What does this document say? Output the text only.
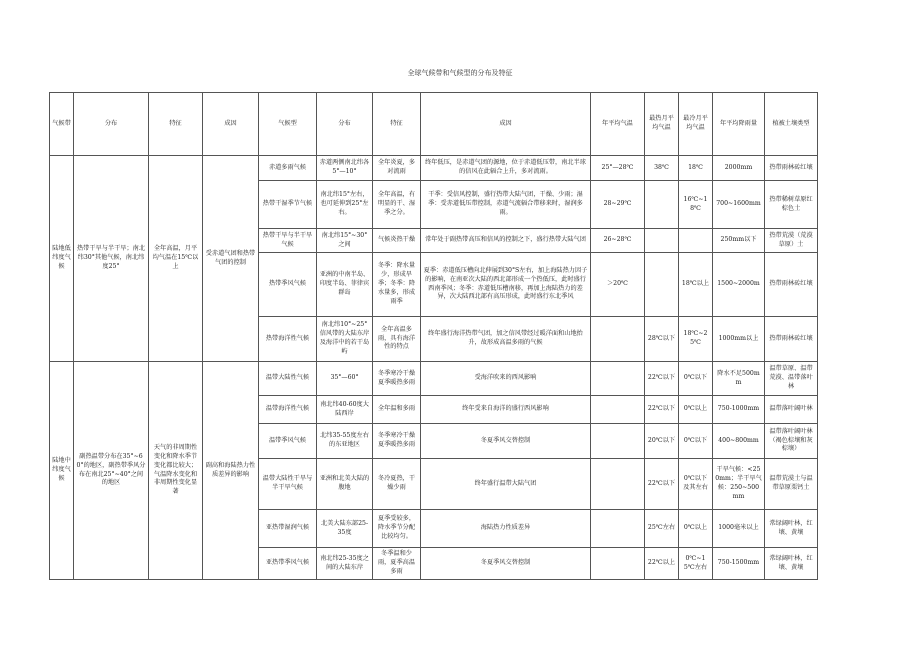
全球气候带和气候型的分布及特征
气候带	分布	特征	成因	气候型	分布	特征	成因	年平均气温	最热月平均气温	最冷月平均气温	年平均降雨量	植被土壤类型
陆地低纬度气候	热带干旱与半干旱；南北纬30°其他气候，南北纬度25°	全年高温，月平均气温在15℃以上	受赤道气团和热带气团的控制	赤道多雨气候	赤道两侧南北纬各5°—10°	全年炎夏，多对流雨	终年低压，是赤道气团的源地，位于赤道低压带，南北半球的信风在此辐合上升，多对流雨。	25°—28℃	38℃	18℃	2000mm	热带雨林砖红壤
				热带干湿季节气候	南北纬15°左右，也可延伸到25°左右。	全年高温，有明显的干、湿季之分。	干季：受信风控制，盛行热带大陆气团，干燥、少雨；湿季：受赤道低压带控制，赤道气流辐合带移来时，湿润多雨。	28~29℃		16℃~18℃	700~1600mm	热带稀树草原红棕色土
				热带干旱与半干旱气候	南北纬15°~30°之间	气候炎热干燥	常年处于副热带高压和信风的控制之下，盛行热带大陆气团	26~28℃			250mm以下	热带荒漠（荒漠草原）土
				热带季风气候	亚洲的中南半岛、印度半岛、菲律宾群岛	冬季：降水量少，形成旱季；冬季：降水量多，形成雨季	夏季：赤道低压槽向北伸展到30°S左右，加上海陆热力因子的影响，在南亚次大陆的西北部形成一个热低压，此时盛行西南季风；冬季：赤道低压槽南移，再加上海陆热力的差异，次大陆西北部有高压形成，此时盛行东北季风	＞20℃		18℃以上	1500~2000m	热带雨林砖红壤
				热带海洋性气候	南北纬10°~25°信风带的大陆东岸及海洋中的若干岛屿	全年高温多雨，具有海洋性的特点	终年盛行海洋热带气团，加之信风带经过暖洋面和山地抬升，故形成高温多雨的气候		28℃以下	18℃~25℃	1000mm以上	热带雨林砖红壤
陆地中纬度气候	副热温带分布在35°~60°的地区，副热带季风分布在南北25°~40°之间的地区	天气的非周期性变化和降水季节变化都比较大；气温降水变化和非周期性变化显著	副高和海陆热力性质差异的影响	温带大陆性气候	35°—60°	冬季寒冷干燥夏季暖热多雨	受海洋吹来的西风影响		22℃以下	0℃以下	降水不足500mm	温带草原、温带荒漠、温带落叶林
				温带海洋性气候	南北纬40-60度大陆西岸	全年温和多雨	终年受来自海洋的盛行西风影响		22℃以下	0℃以上	750-1000mm	温带落叶阔叶林
				温带季风气候	北纬35-55度左右的东亚地区	冬季寒冷干燥夏季暖热多雨	冬夏季风交替控制		20℃以下	0℃以下	400~800mm	温带落叶阔叶林（褐色棕壤和灰棕壤）
				温带大陆性干旱与半干旱气候	亚洲和北美大陆的腹地	冬冷夏热，干燥少雨	终年盛行温带大陆气团		22℃以下	0℃以下及其左右	干旱气候：<250mm；半干旱气候：250~500mm	温带荒漠土与温带草原栗钙土
				亚热带湿润气候	北美大陆东部25-35度	夏季受较多，降水季节分配比较均匀。	海陆热力性质差异		25℃左右	0℃以上	1000毫米以上	常绿阔叶林，红壤、黄壤
				亚热带季风气候	南北纬25-35度之间的大陆东岸	冬季温和少雨，夏季高温多雨	冬夏季风交替控制		22℃以上	0℃~15℃左右	750-1500mm	常绿阔叶林，红壤、黄壤
